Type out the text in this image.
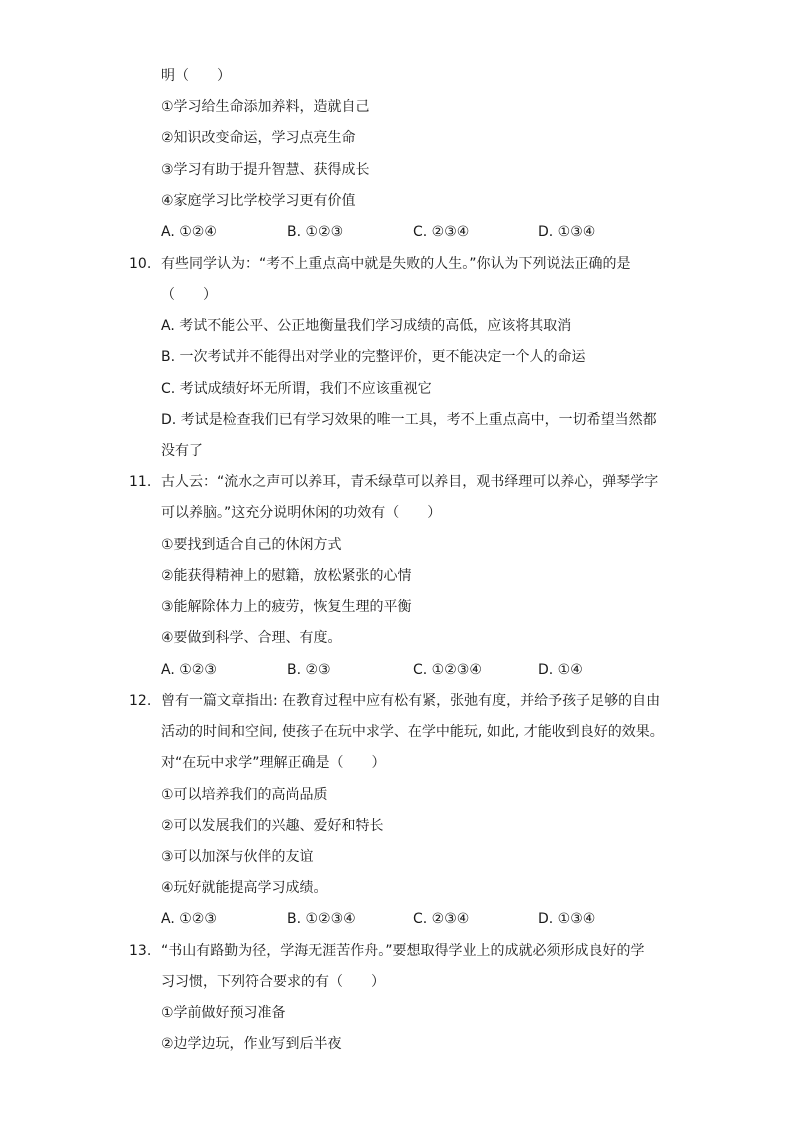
明（　　）
①学习给生命添加养料，造就自己
②知识改变命运，学习点亮生命
③学习有助于提升智慧、获得成长
④家庭学习比学校学习更有价值
A. ①②④	B. ①②③	C. ②③④	D. ①③④
10. 有些同学认为：“考不上重点高中就是失败的人生。”你认为下列说法正确的是
（　　）
A. 考试不能公平、公正地衡量我们学习成绩的高低，应该将其取消
B. 一次考试并不能得出对学业的完整评价，更不能决定一个人的命运
C. 考试成绩好坏无所谓，我们不应该重视它
D. 考试是检查我们已有学习效果的唯一工具，考不上重点高中，一切希望当然都
没有了
11. 古人云：“流水之声可以养耳，青禾绿草可以养目，观书绎理可以养心，弹琴学字
可以养脑。”这充分说明休闲的功效有（　　）
①要找到适合自己的休闲方式
②能获得精神上的慰籍，放松紧张的心情
③能解除体力上的疲劳，恢复生理的平衡
④要做到科学、合理、有度。
A. ①②③	B. ②③	C. ①②③④	D. ①④
12. 曾有一篇文章指出: 在教育过程中应有松有紧，张弛有度，并给予孩子足够的自由
活动的时间和空间, 使孩子在玩中求学、在学中能玩, 如此, 才能收到良好的效果。
对“在玩中求学”理解正确是（　　）
①可以培养我们的高尚品质
②可以发展我们的兴趣、爱好和特长
③可以加深与伙伴的友谊
④玩好就能提高学习成绩。
A. ①②③	B. ①②③④	C. ②③④	D. ①③④
13. “书山有路勤为径，学海无涯苦作舟。”要想取得学业上的成就必须形成良好的学
习习惯，下列符合要求的有（　　）
①学前做好预习准备
②边学边玩，作业写到后半夜
